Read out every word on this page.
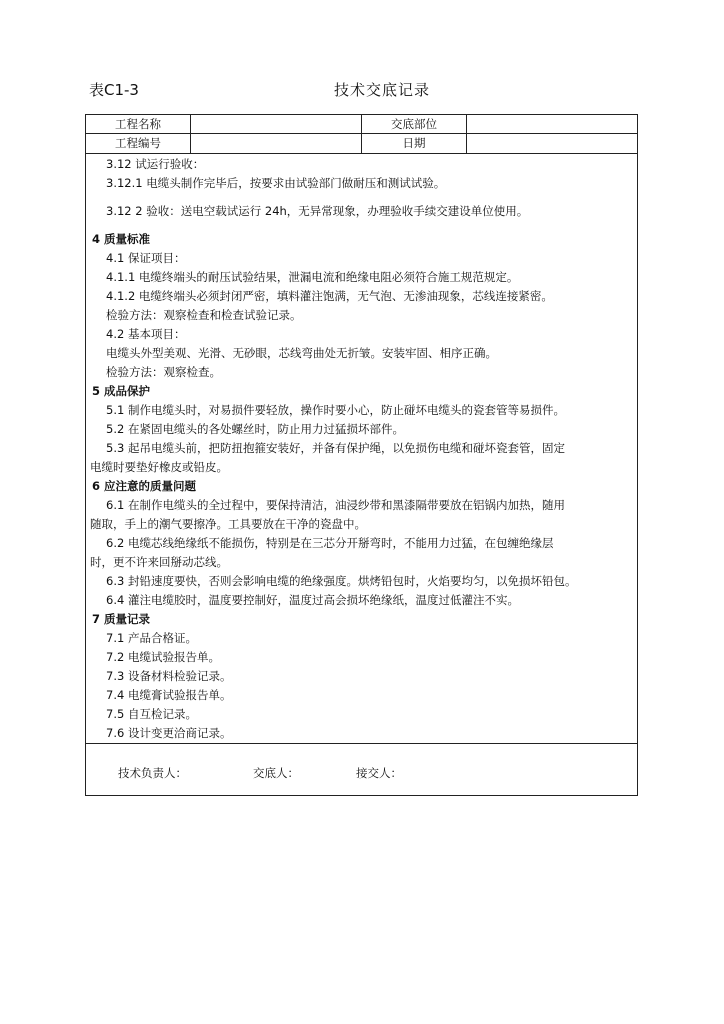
表C1-3	技术交底记录
工程名称	交底部位
工程编号	日期
3.12 试运行验收：
3.12.1 电缆头制作完毕后，按要求由试验部门做耐压和测试试验。
3.12 2 验收：送电空载试运行 24h，无异常现象，办理验收手续交建设单位使用。
4 质量标准
4.1 保证项目：
4.1.1 电缆终端头的耐压试验结果，泄漏电流和绝缘电阻必须符合施工规范规定。
4.1.2 电缆终端头必须封闭严密，填料灌注饱满，无气泡、无渗油现象，芯线连接紧密。
检验方法：观察检查和检查试验记录。
4.2 基本项目：
电缆头外型美观、光滑、无砂眼，芯线弯曲处无折皱。安装牢固、相序正确。
检验方法：观察检查。
5 成品保护
5.1 制作电缆头时，对易损件要轻放，操作时要小心，防止碰坏电缆头的瓷套管等易损件。
5.2 在紧固电缆头的各处螺丝时，防止用力过猛损坏部件。
5.3 起吊电缆头前，把防扭抱箍安装好，并备有保护绳，以免损伤电缆和碰坏瓷套管，固定
电缆时要垫好橡皮或铅皮。
6 应注意的质量问题
6.1 在制作电缆头的全过程中，要保持清洁，油浸纱带和黑漆隔带要放在铝锅内加热，随用
随取，手上的潮气要擦净。工具要放在干净的瓷盘中。
6.2 电缆芯线绝缘纸不能损伤，特别是在三芯分开掰弯时，不能用力过猛，在包缠绝缘层
时，更不许来回掰动芯线。
6.3 封铅速度要快，否则会影响电缆的绝缘强度。烘烤铅包时，火焰要均匀，以免损坏铅包。
6.4 灌注电缆胶时，温度要控制好，温度过高会损坏绝缘纸，温度过低灌注不实。
7 质量记录
7.1 产品合格证。
7.2 电缆试验报告单。
7.3 设备材料检验记录。
7.4 电缆膏试验报告单。
7.5 自互检记录。
7.6 设计变更洽商记录。
技术负责人：	交底人：	接交人：
